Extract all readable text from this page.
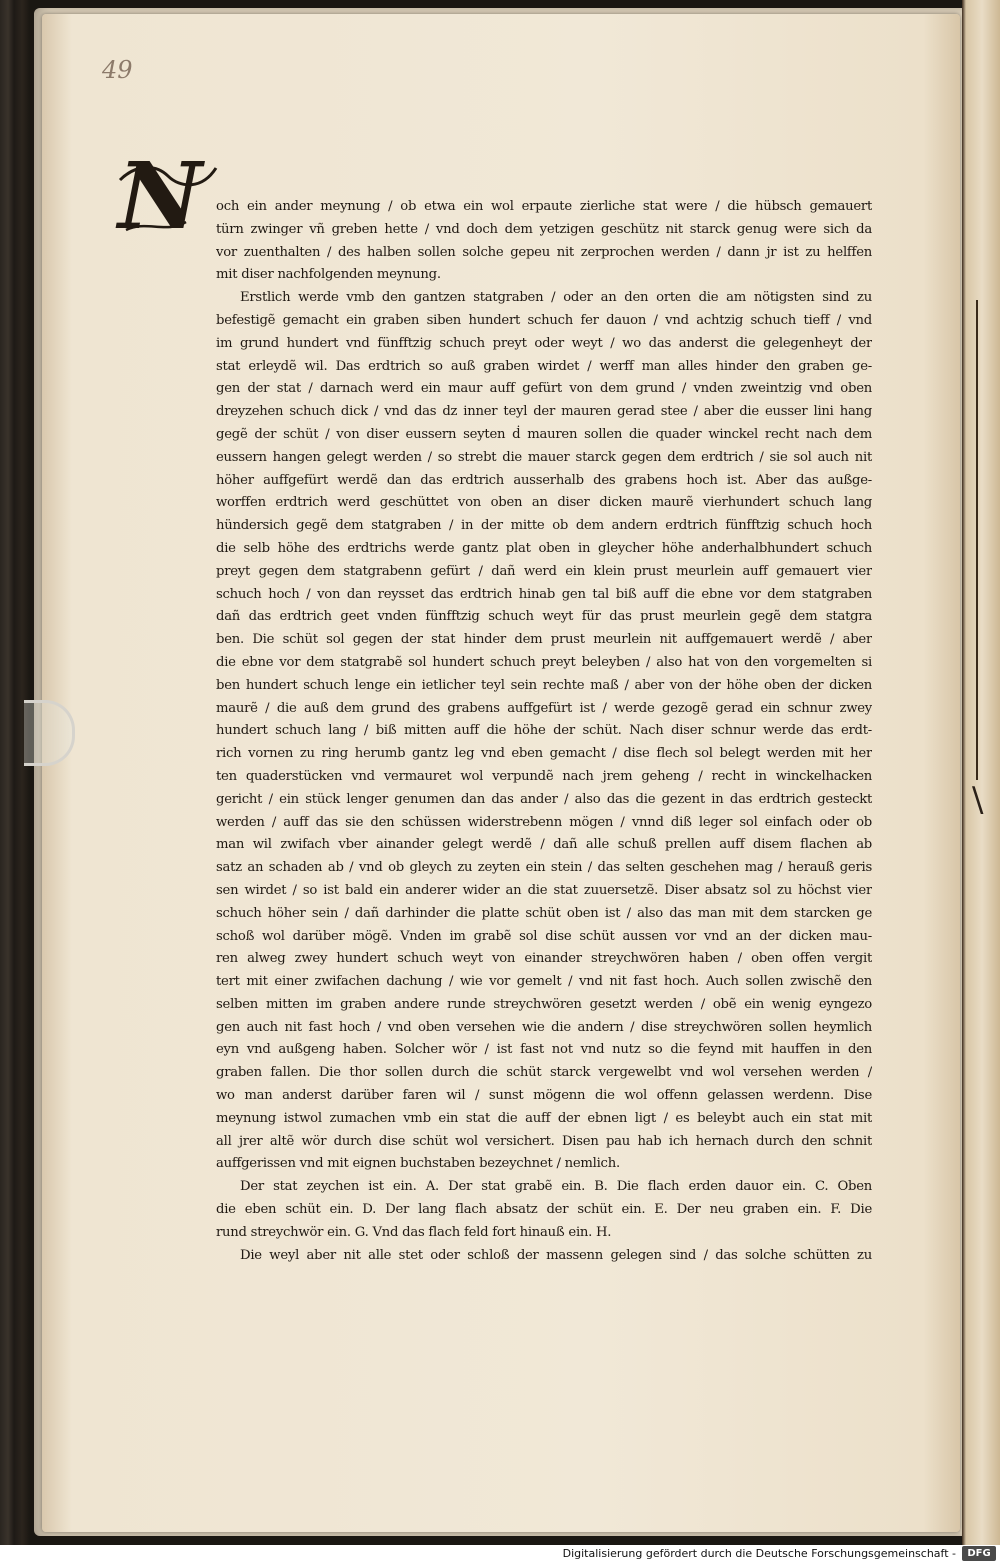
\
49
N och ein ander meynung / ob etwa ein wol erpaute zierliche stat were / die hübsch gemauert
türn zwinger vñ greben hette / vnd doch dem yetzigen geschütz nit starck genug were sich da
vor zuenthalten / des halben sollen solche gepeu nit zerprochen werden / dann jr ist zu helffen
mit diser nachfolgenden meynung.
Erstlich werde vmb den gantzen statgraben / oder an den orten die am nötigsten sind zu
befestigẽ gemacht ein graben siben hundert schuch fer dauon / vnd achtzig schuch tieff / vnd
im grund hundert vnd fünfftzig schuch preyt oder weyt / wo das anderst die gelegenheyt der
stat erleydẽ wil. Das erdtrich so auß graben wirdet / werff man alles hinder den graben ge-
gen der stat / darnach werd ein maur auff gefürt von dem grund / vnden zweintzig vnd oben
dreyzehen schuch dick / vnd das dz inner teyl der mauren gerad stee / aber die eusser lini hang
gegẽ der schüt / von diser eussern seyten ḋ mauren sollen die quader winckel recht nach dem
eussern hangen gelegt werden / so strebt die mauer starck gegen dem erdtrich / sie sol auch nit
höher auffgefürt werdẽ dan das erdtrich ausserhalb des grabens hoch ist. Aber das außge-
worffen erdtrich werd geschüttet von oben an diser dicken maurẽ vierhundert schuch lang
hündersich gegẽ dem statgraben / in der mitte ob dem andern erdtrich fünfftzig schuch hoch
die selb höhe des erdtrichs werde gantz plat oben in gleycher höhe anderhalbhundert schuch
preyt gegen dem statgrabenn gefürt / dañ werd ein klein prust meurlein auff gemauert vier
schuch hoch / von dan reysset das erdtrich hinab gen tal biß auff die ebne vor dem statgraben
dañ das erdtrich geet vnden fünfftzig schuch weyt für das prust meurlein gegẽ dem statgra
ben. Die schüt sol gegen der stat hinder dem prust meurlein nit auffgemauert werdẽ / aber
die ebne vor dem statgrabẽ sol hundert schuch preyt beleyben / also hat von den vorgemelten si
ben hundert schuch lenge ein ietlicher teyl sein rechte maß / aber von der höhe oben der dicken
maurẽ / die auß dem grund des grabens auffgefürt ist / werde gezogẽ gerad ein schnur zwey
hundert schuch lang / biß mitten auff die höhe der schüt. Nach diser schnur werde das erdt-
rich vornen zu ring herumb gantz leg vnd eben gemacht / dise flech sol belegt werden mit her
ten quaderstücken vnd vermauret wol verpundẽ nach jrem geheng / recht in winckelhacken
gericht / ein stück lenger genumen dan das ander / also das die gezent in das erdtrich gesteckt
werden / auff das sie den schüssen widerstrebenn mögen / vnnd diß leger sol einfach oder ob
man wil zwifach vber ainander gelegt werdẽ / dañ alle schuß prellen auff disem flachen ab
satz an schaden ab / vnd ob gleych zu zeyten ein stein / das selten geschehen mag / herauß geris
sen wirdet / so ist bald ein anderer wider an die stat zuuersetzẽ. Diser absatz sol zu höchst vier
schuch höher sein / dañ darhinder die platte schüt oben ist / also das man mit dem starcken ge
schoß wol darüber mögẽ. Vnden im grabẽ sol dise schüt aussen vor vnd an der dicken mau-
ren alweg zwey hundert schuch weyt von einander streychwören haben / oben offen vergit
tert mit einer zwifachen dachung / wie vor gemelt / vnd nit fast hoch. Auch sollen zwischẽ den
selben mitten im graben andere runde streychwören gesetzt werden / obẽ ein wenig eyngezo
gen auch nit fast hoch / vnd oben versehen wie die andern / dise streychwören sollen heymlich
eyn vnd außgeng haben. Solcher wör / ist fast not vnd nutz so die feynd mit hauffen in den
graben fallen. Die thor sollen durch die schüt starck vergewelbt vnd wol versehen werden /
wo man anderst darüber faren wil / sunst mögenn die wol offenn gelassen werdenn. Dise
meynung istwol zumachen vmb ein stat die auff der ebnen ligt / es beleybt auch ein stat mit
all jrer altẽ wör durch dise schüt wol versichert. Disen pau hab ich hernach durch den schnit
auffgerissen vnd mit eignen buchstaben bezeychnet / nemlich.
Der stat zeychen ist ein. A. Der stat grabẽ ein. B. Die flach erden dauor ein. C. Oben
die eben schüt ein. D. Der lang flach absatz der schüt ein. E. Der neu graben ein. F. Die
rund streychwör ein. G. Vnd das flach feld fort hinauß ein. H.
Die weyl aber nit alle stet oder schloß der massenn gelegen sind / das solche schütten zu
Digitalisierung gefördert durch die Deutsche Forschungsgemeinschaft -	DFG
